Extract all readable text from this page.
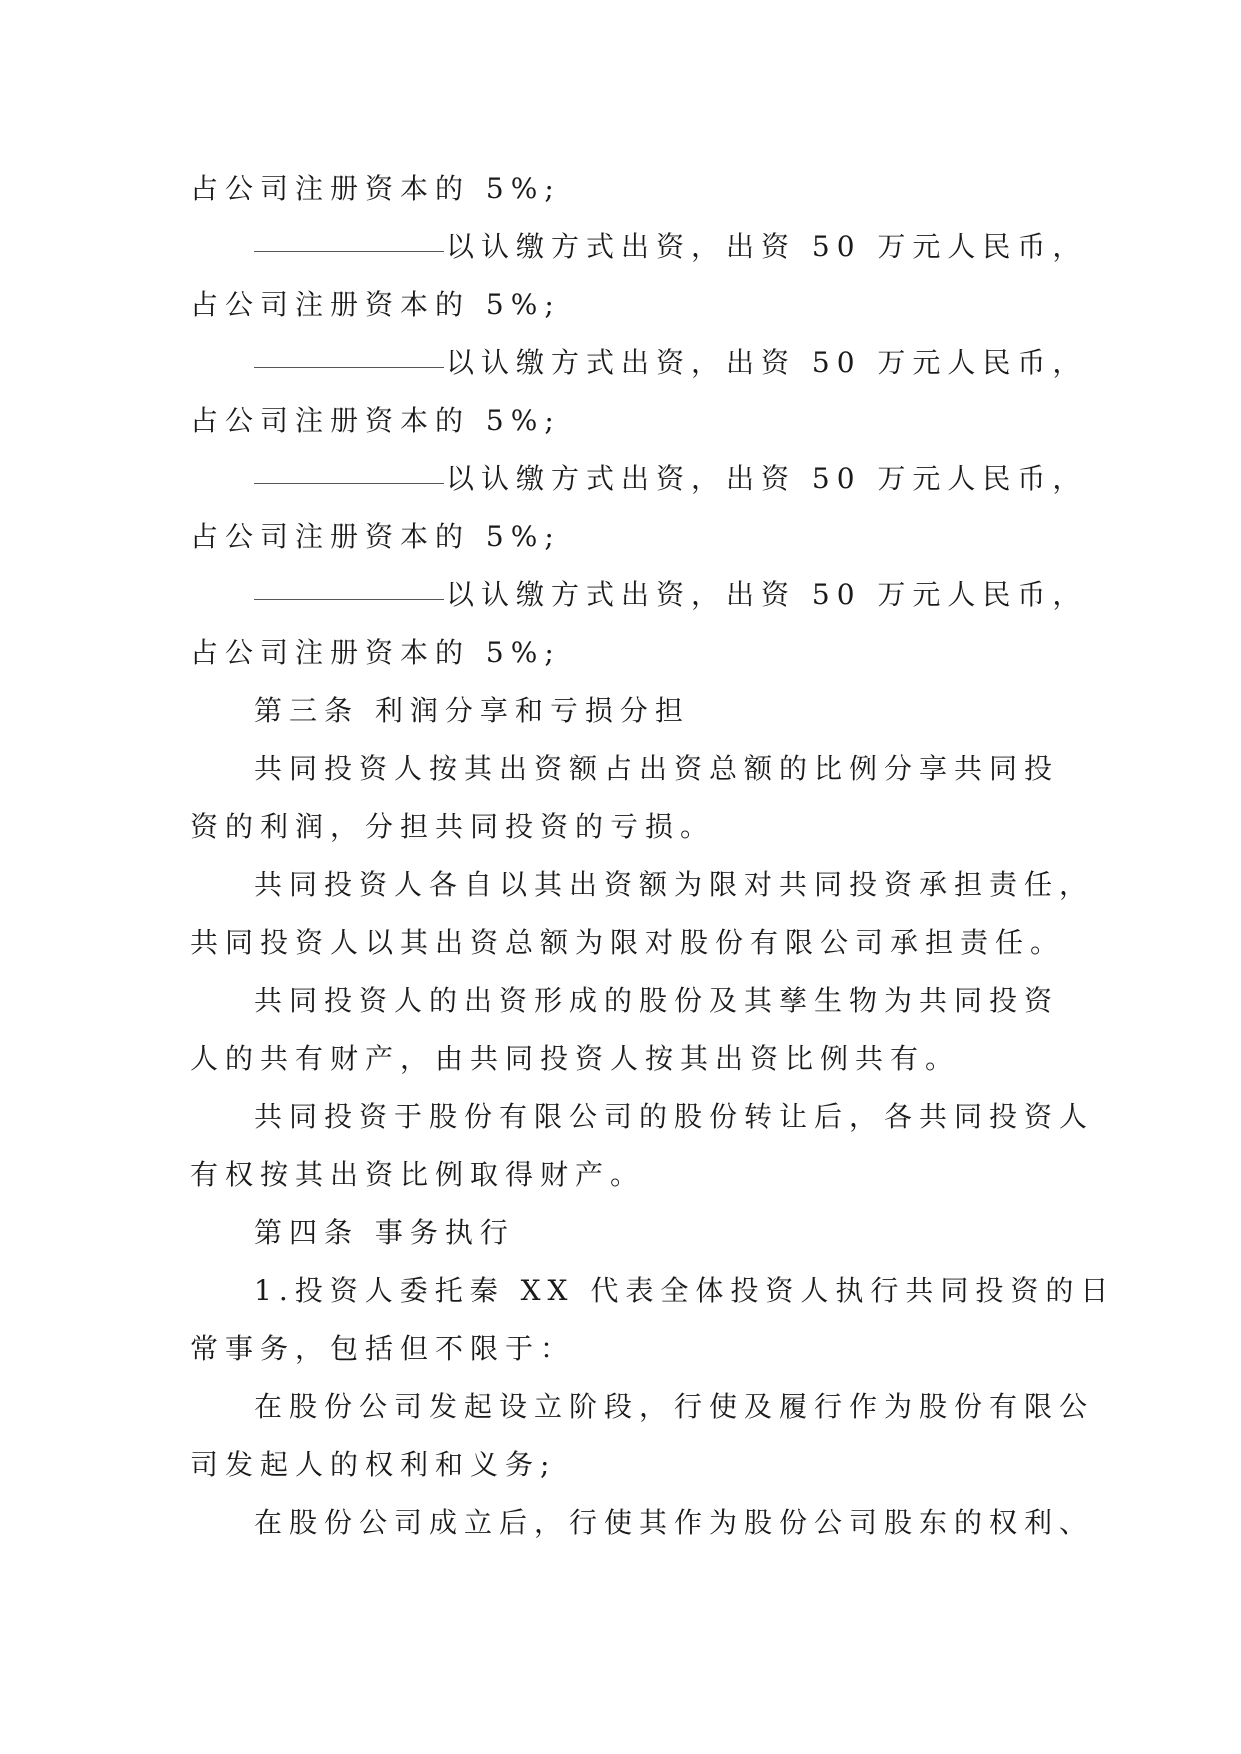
占公司注册资本的 5%;
以认缴方式出资，出资 50 万元人民币，
占公司注册资本的 5%;
以认缴方式出资，出资 50 万元人民币，
占公司注册资本的 5%;
以认缴方式出资，出资 50 万元人民币，
占公司注册资本的 5%;
以认缴方式出资，出资 50 万元人民币，
占公司注册资本的 5%;
第三条 利润分享和亏损分担
共同投资人按其出资额占出资总额的比例分享共同投
资的利润，分担共同投资的亏损。
共同投资人各自以其出资额为限对共同投资承担责任，
共同投资人以其出资总额为限对股份有限公司承担责任。
共同投资人的出资形成的股份及其孳生物为共同投资
人的共有财产，由共同投资人按其出资比例共有。
共同投资于股份有限公司的股份转让后，各共同投资人
有权按其出资比例取得财产。
第四条 事务执行
1.投资人委托秦 XX 代表全体投资人执行共同投资的日
常事务，包括但不限于：
在股份公司发起设立阶段，行使及履行作为股份有限公
司发起人的权利和义务;
在股份公司成立后，行使其作为股份公司股东的权利、
